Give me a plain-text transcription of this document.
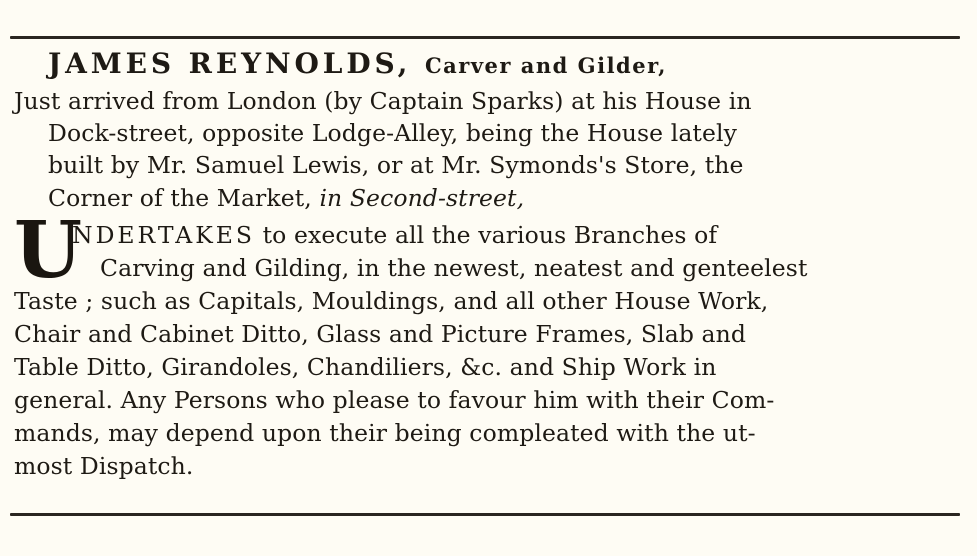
JAMES REYNOLDS, Carver and Gilder,
Just arrived from London (by Captain Sparks) at his House in
Dock-street, opposite Lodge-Alley, being the House lately
built by Mr. Samuel Lewis, or at Mr. Symonds's Store, the
Corner of the Market, in Second-street,
U
NDERTAKES to execute all the various Branches of
Carving and Gilding, in the newest, neatest and genteelest
Taste ; such as Capitals, Mouldings, and all other House Work,
Chair and Cabinet Ditto, Glass and Picture Frames, Slab and
Table Ditto, Girandoles, Chandiliers, &c. and Ship Work in
general. Any Persons who please to favour him with their Com-
mands, may depend upon their being compleated with the ut-
most Dispatch.
